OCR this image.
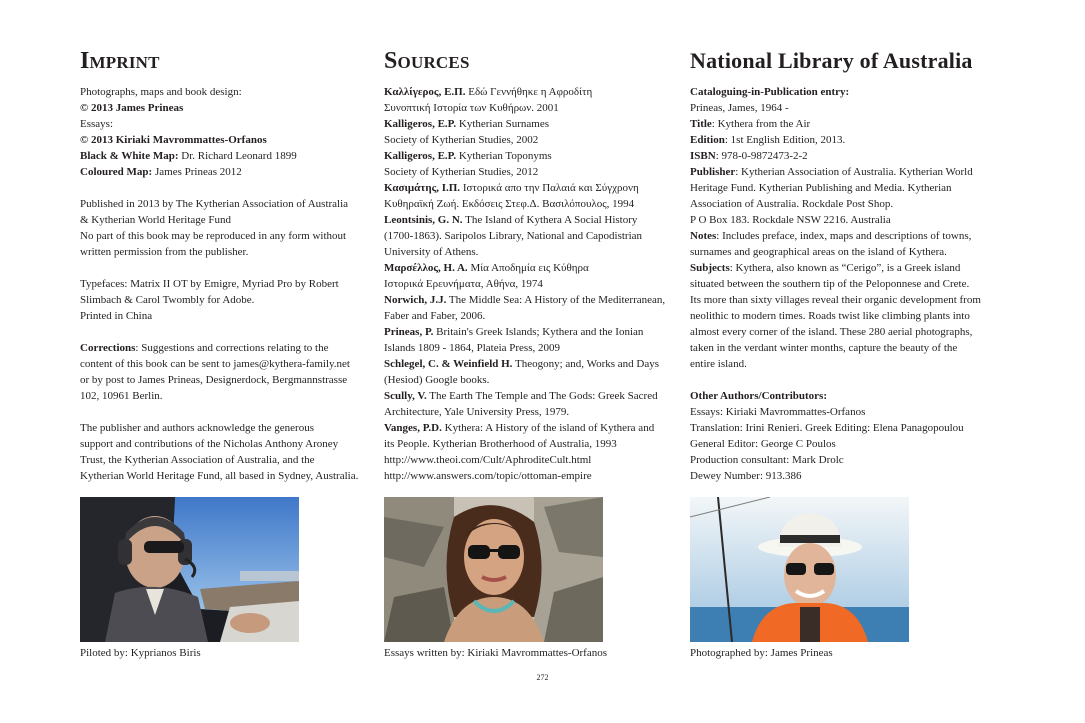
Imprint
Photographs, maps and book design:
© 2013 James Prineas
Essays:
© 2013 Kiriaki Mavrommattes-Orfanos
Black & White Map: Dr. Richard Leonard 1899
Coloured Map: James Prineas 2012
Published in 2013 by The Kytherian Association of Australia
& Kytherian World Heritage Fund
No part of this book may be reproduced in any form without
written permission from the publisher.
Typefaces: Matrix II OT by Emigre, Myriad Pro by Robert
Slimbach & Carol Twombly for Adobe.
Printed in China
Corrections: Suggestions and corrections relating to the
content of this book can be sent to james@kythera-family.net
or by post to James Prineas, Designerdock, Bergmannstrasse
102, 10961 Berlin.
The publisher and authors acknowledge the generous
support and contributions of the Nicholas Anthony Aroney
Trust, the Kytherian Association of Australia, and the
Kytherian World Heritage Fund, all based in Sydney, Australia.
Sources
Καλλίγερος, Ε.Π. Εδώ Γεννήθηκε η Αφροδίτη
Συνοπτική Ιστορία των Κυθήρων. 2001
Kalligeros, E.P. Kytherian Surnames
Society of Kytherian Studies, 2002
Kalligeros, E.P. Kytherian Toponyms
Society of Kytherian Studies, 2012
Κασιμάτης, Ι.Π. Ιστορικά απο την Παλαιά και Σύγχρονη
Κυθηραϊκή Ζωή. Εκδόσεις Στεφ.Δ. Βασιλόπουλος, 1994
Leontsinis, G. N. The Island of Kythera A Social History
(1700-1863). Saripolos Library, National and Capodistrian
University of Athens.
Μαρσέλλος, Η. Α. Μία Αποδημία εις Κύθηρα
Ιστορικά Ερευνήματα, Αθήνα, 1974
Norwich, J.J. The Middle Sea: A History of the Mediterranean,
Faber and Faber, 2006.
Prineas, P. Britain's Greek Islands; Kythera and the Ionian
Islands 1809 - 1864, Plateia Press, 2009
Schlegel, C. & Weinfield H. Theogony; and, Works and Days
(Hesiod) Google books.
Scully, V. The Earth The Temple and The Gods: Greek Sacred
Architecture, Yale University Press, 1979.
Vanges, P.D. Kythera: A History of the island of Kythera and
its People. Kytherian Brotherhood of Australia, 1993
http://www.theoi.com/Cult/AphroditeCult.html
http://www.answers.com/topic/ottoman-empire
National Library of Australia
Cataloguing-in-Publication entry:
Prineas, James, 1964 -
Title: Kythera from the Air
Edition: 1st English Edition, 2013.
ISBN: 978-0-9872473-2-2
Publisher: Kytherian Association of Australia. Kytherian World
Heritage Fund. Kytherian Publishing and Media. Kytherian
Association of Australia. Rockdale Post Shop.
P O Box 183. Rockdale NSW 2216. Australia
Notes: Includes preface, index, maps and descriptions of towns,
surnames and geographical areas on the island of Kythera.
Subjects: Kythera, also known as “Cerigo”, is a Greek island
situated between the southern tip of the Peloponnese and Crete.
Its more than sixty villages reveal their organic development from
neolithic to modern times. Roads twist like climbing plants into
almost every corner of the island. These 280 aerial photographs,
taken in the verdant winter months, capture the beauty of the
entire island.
Other Authors/Contributors:
Essays: Kiriaki Mavrommattes-Orfanos
Translation: Irini Renieri. Greek Editing: Elena Panagopoulou
General Editor: George C Poulos
Production consultant: Mark Drolc
Dewey Number: 913.386
Piloted by: Kyprianos Biris	Essays written by: Kiriaki Mavrommattes-Orfanos	Photographed by: James Prineas
272
